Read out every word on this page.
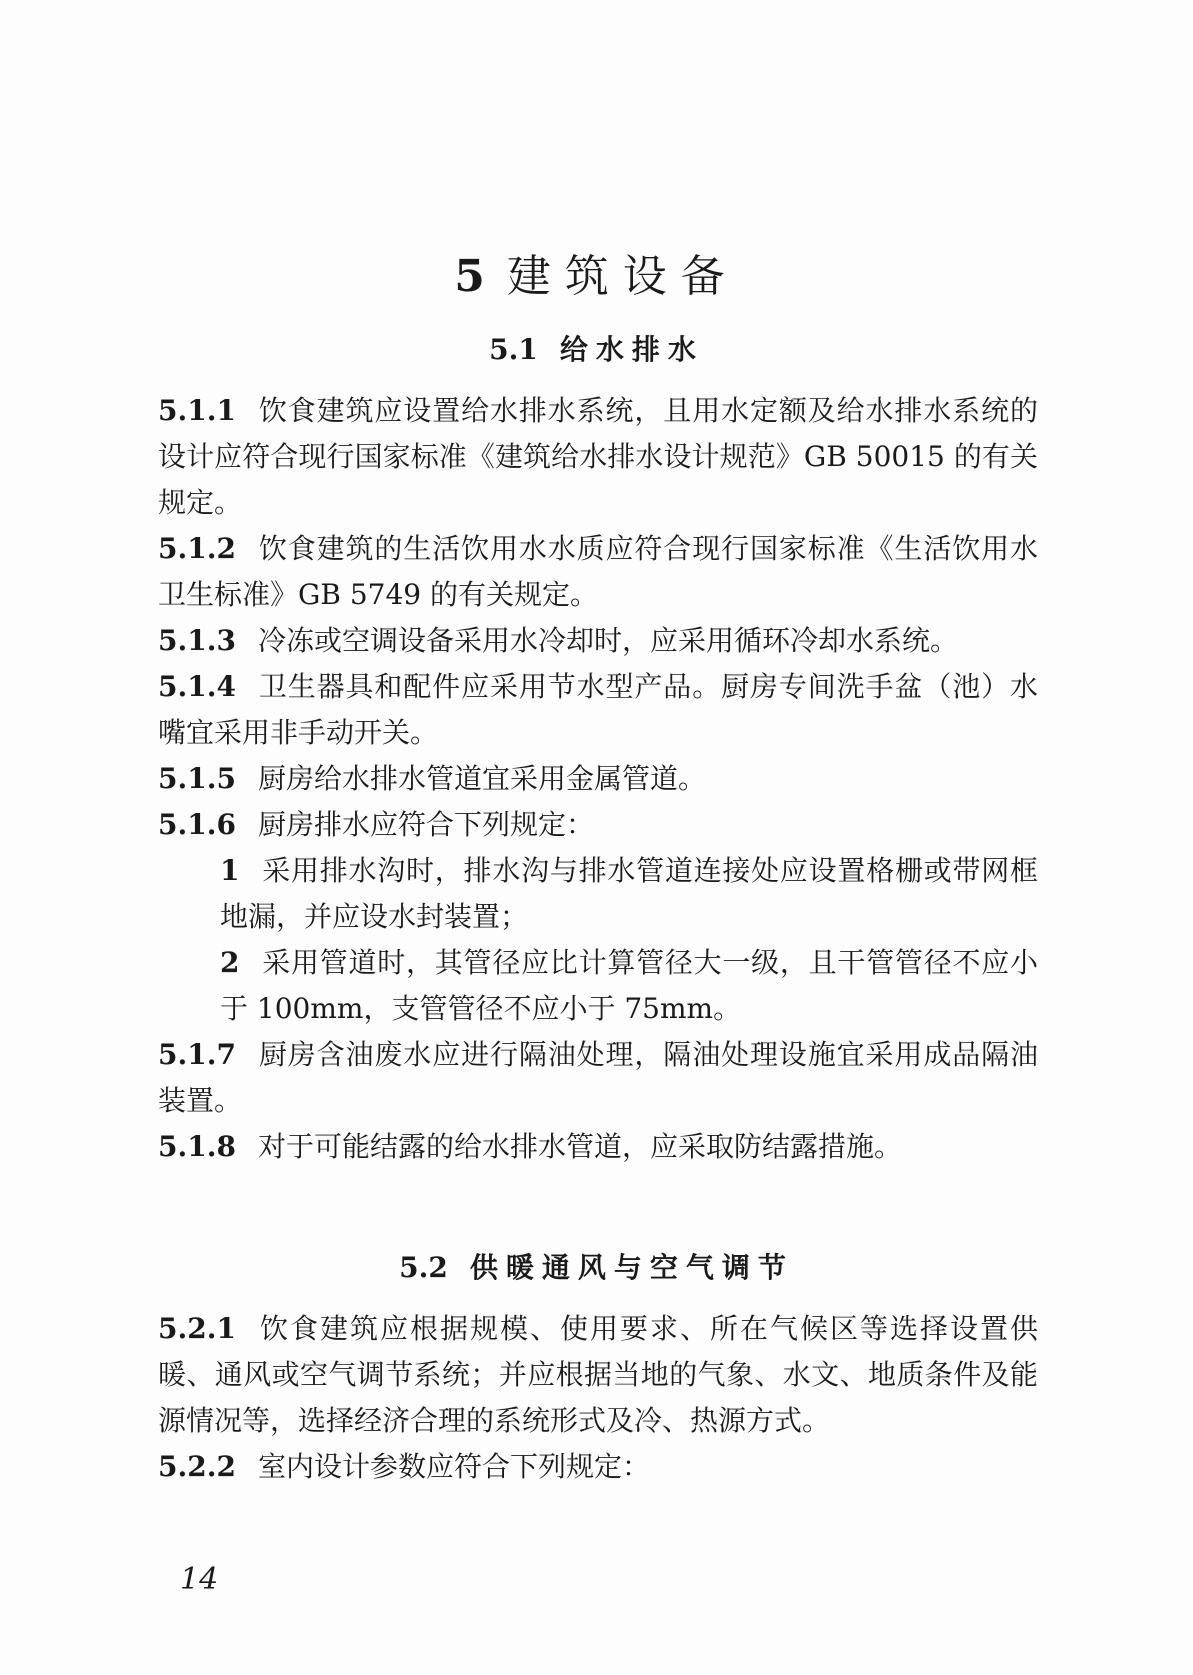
5 建筑设备
5.1 给水排水

5.1.1 饮食建筑应设置给水排水系统，且用水定额及给水排水系统的设计应符合现行国家标准《建筑给水排水设计规范》GB 50015 的有关规定。

5.1.2 饮食建筑的生活饮用水水质应符合现行国家标准《生活饮用水卫生标准》GB 5749 的有关规定。

5.1.3 冷冻或空调设备采用水冷却时，应采用循环冷却水系统。

5.1.4 卫生器具和配件应采用节水型产品。厨房专间洗手盆（池）水嘴宜采用非手动开关。

5.1.5 厨房给水排水管道宜采用金属管道。

5.1.6 厨房排水应符合下列规定：

1 采用排水沟时，排水沟与排水管道连接处应设置格栅或带网框地漏，并应设水封装置；

2 采用管道时，其管径应比计算管径大一级，且干管管径不应小于 100mm，支管管径不应小于 75mm。

5.1.7 厨房含油废水应进行隔油处理，隔油处理设施宜采用成品隔油装置。

5.1.8 对于可能结露的给水排水管道，应采取防结露措施。

5.2 供暖通风与空气调节

5.2.1 饮食建筑应根据规模、使用要求、所在气候区等选择设置供暖、通风或空气调节系统；并应根据当地的气象、水文、地质条件及能源情况等，选择经济合理的系统形式及冷、热源方式。

5.2.2 室内设计参数应符合下列规定：

14
